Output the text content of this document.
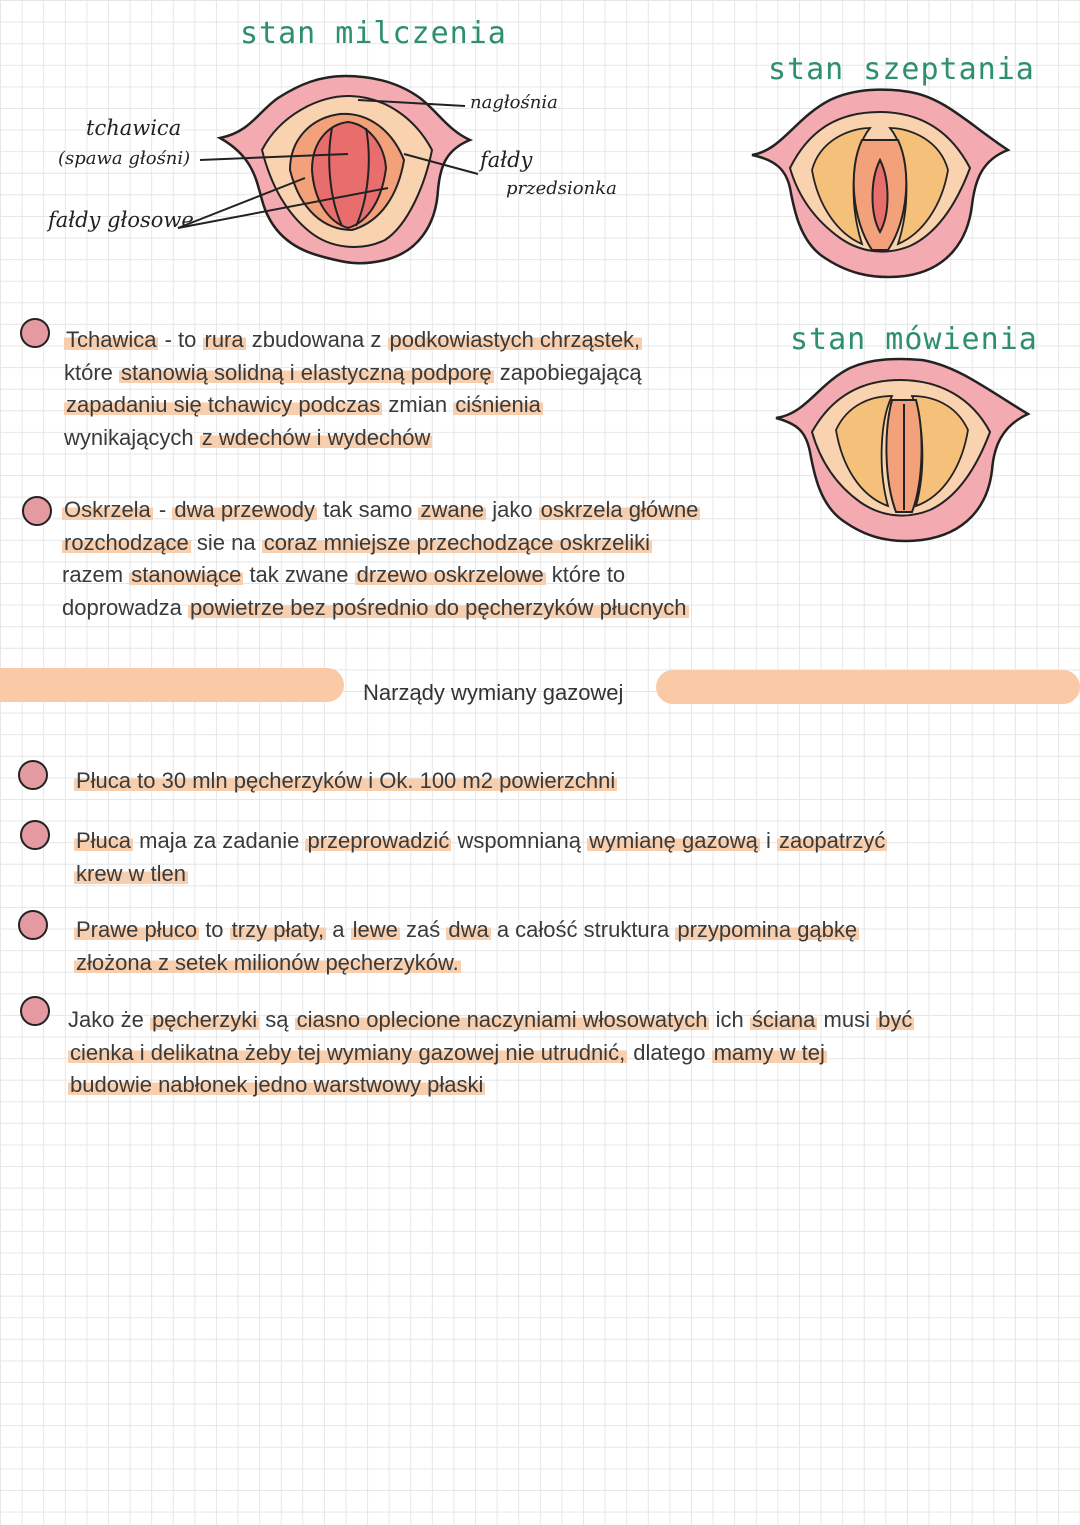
stan milczenia
tchawica
(spawa głośni)
fałdy głosowe
nagłośnia
fałdy
przedsionka
stan szeptania
stan mówienia

Tchawica - to rura zbudowana z podkowiastych chrząstek,
które stanowią solidną i elastyczną podporę zapobiegającą
zapadaniu się tchawicy podczas zmian ciśnienia
wynikających z wdechów i wydechów

Oskrzela - dwa przewody tak samo zwane jako oskrzela główne
rozchodzące sie na coraz mniejsze przechodzące oskrzeliki
razem stanowiące tak zwane drzewo oskrzelowe które to
doprowadza powietrze bez pośrednio do pęcherzyków płucnych

Narządy wymiany gazowej

Płuca to 30 mln pęcherzyków i Ok. 100 m2 powierzchni

Płuca maja za zadanie przeprowadzić wspomnianą wymianę gazową i zaopatrzyć
krew w tlen

Prawe płuco to trzy płaty, a lewe zaś dwa a całość struktura przypomina gąbkę
złożona z setek milionów pęcherzyków.

Jako że pęcherzyki są ciasno oplecione naczyniami włosowatych ich ściana musi być
cienka i delikatna żeby tej wymiany gazowej nie utrudnić, dlatego mamy w tej
budowie nabłonek jedno warstwowy płaski
